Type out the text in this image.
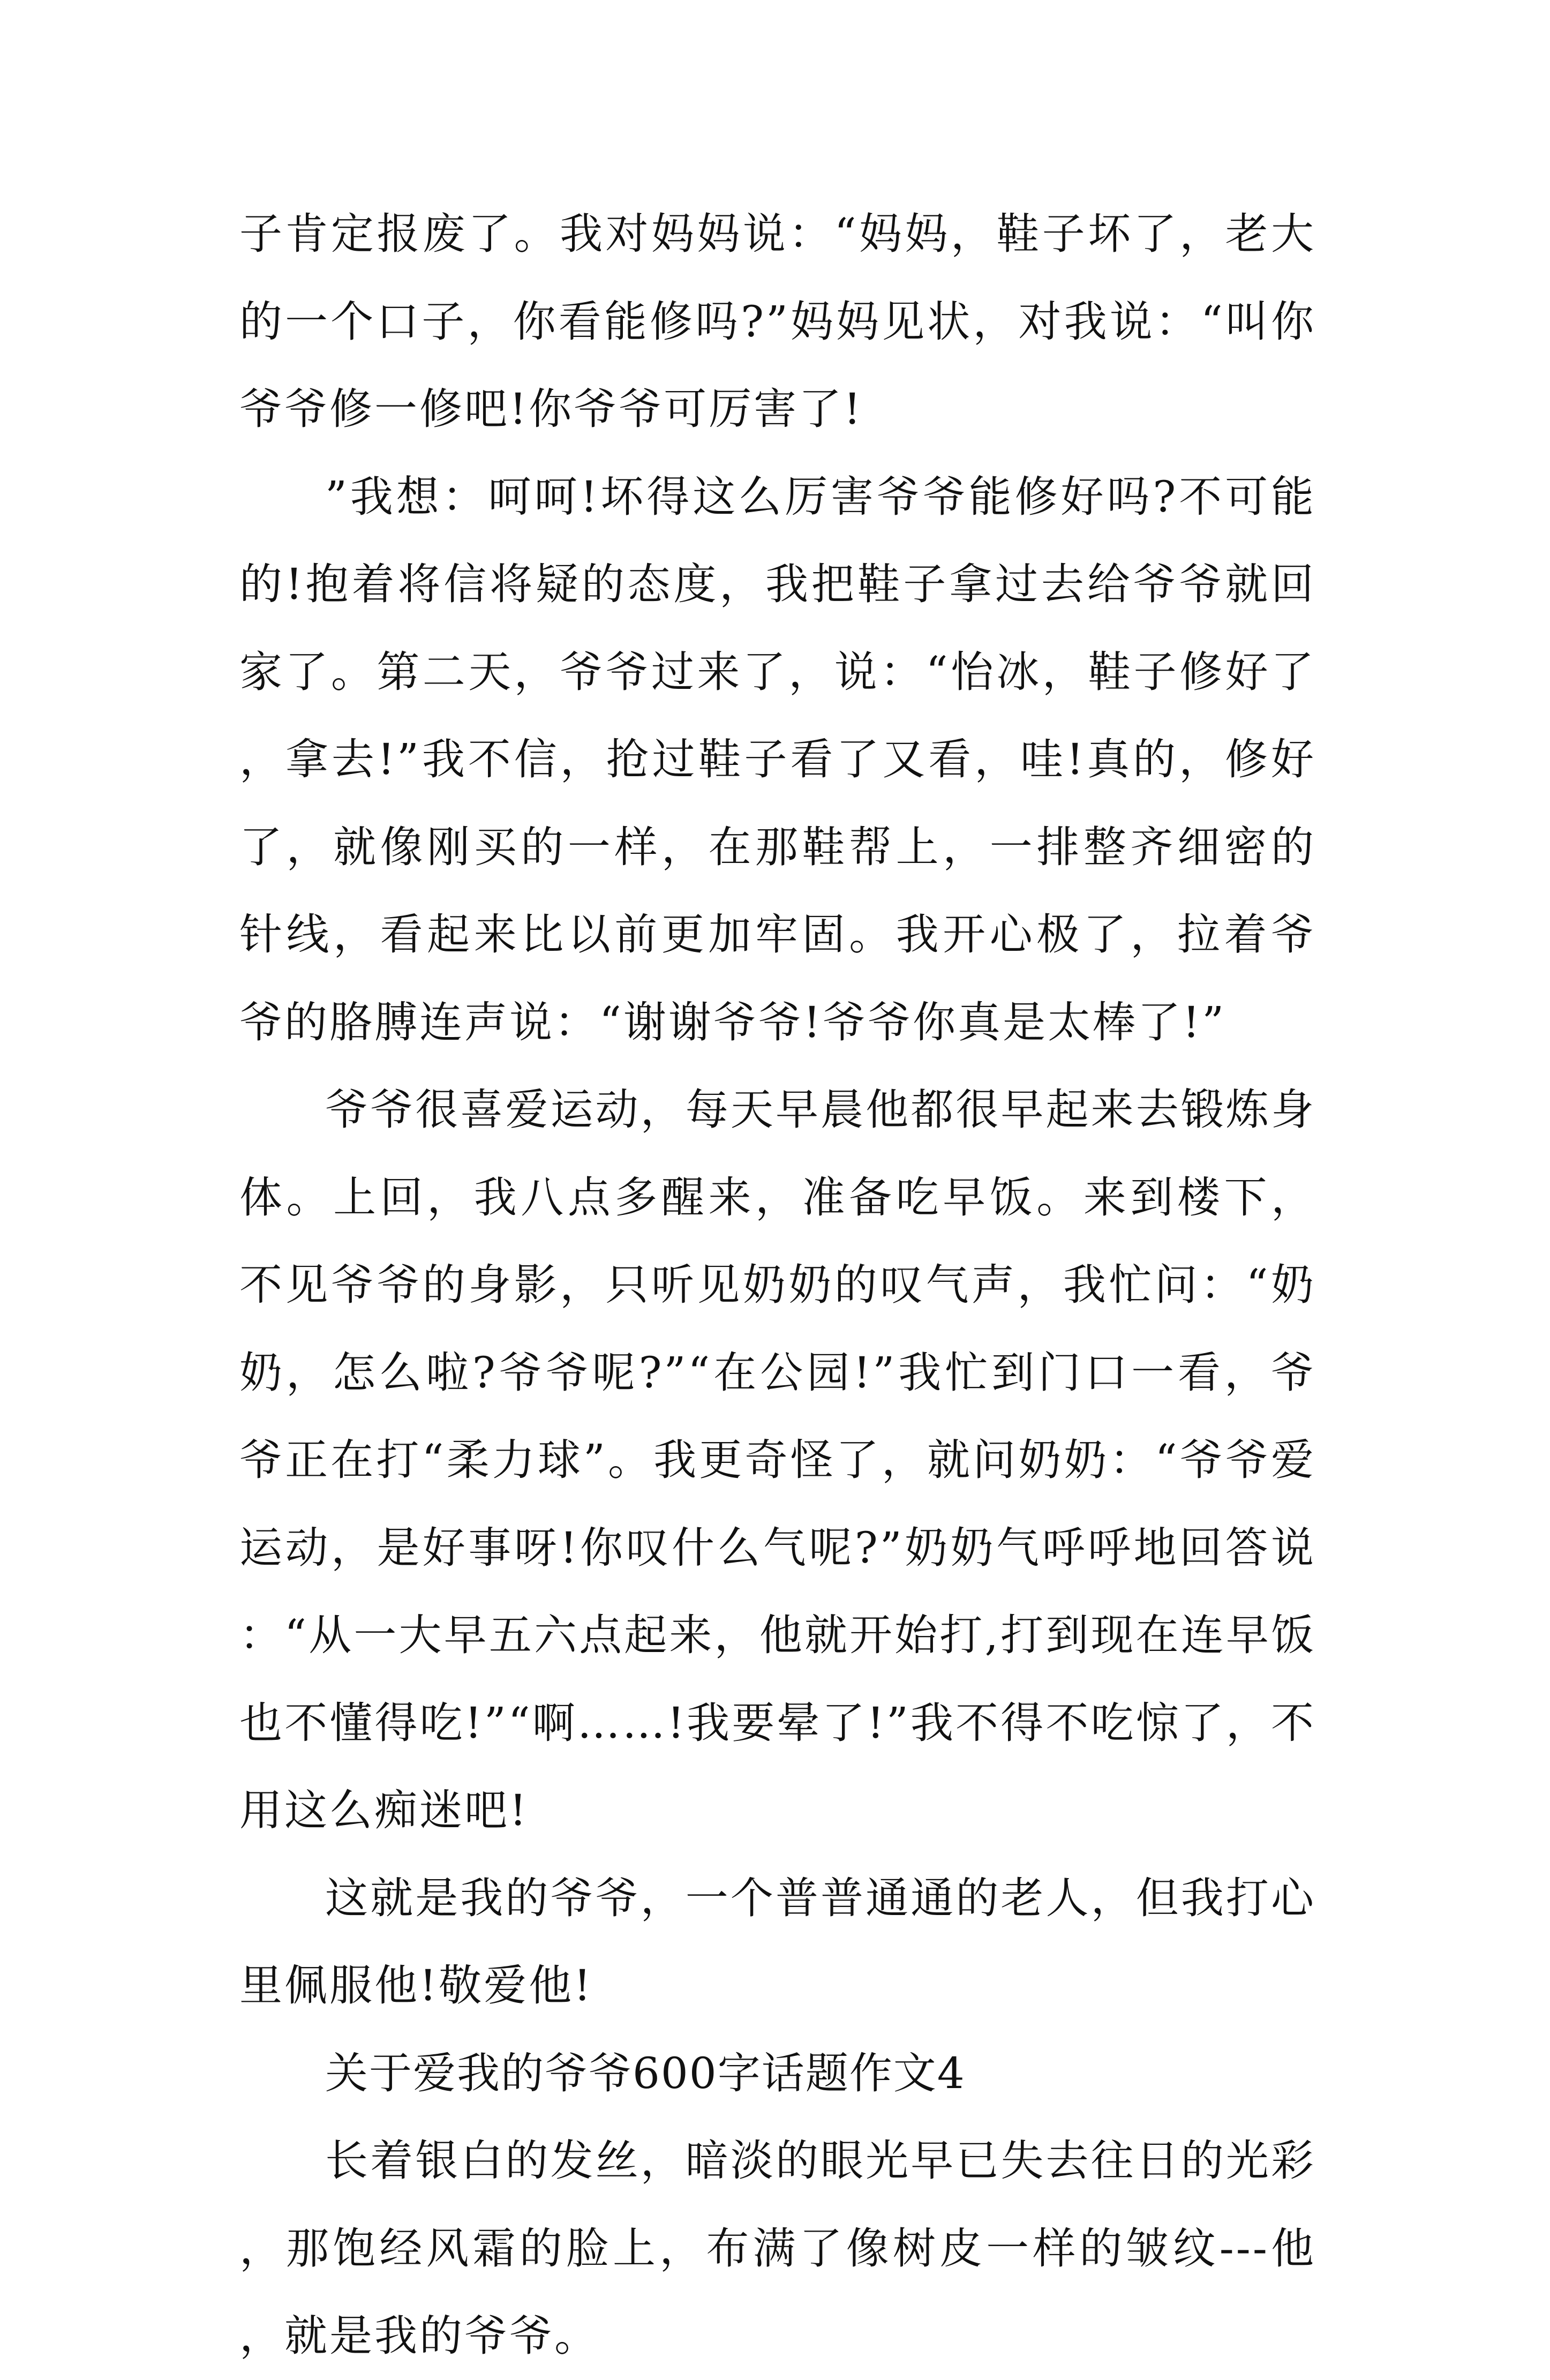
子肯定报废了。我对妈妈说：“妈妈，鞋子坏了，老大的一个口子，你看能修吗?”妈妈见状，对我说：“叫你爷爷修一修吧!你爷爷可厉害了!

”我想：呵呵!坏得这么厉害爷爷能修好吗?不可能的!抱着将信将疑的态度，我把鞋子拿过去给爷爷就回家了。第二天，爷爷过来了，说：“怡冰，鞋子修好了，拿去!”我不信，抢过鞋子看了又看，哇!真的，修好了，就像刚买的一样，在那鞋帮上，一排整齐细密的针线，看起来比以前更加牢固。我开心极了，拉着爷爷的胳膊连声说：“谢谢爷爷!爷爷你真是太棒了!”

爷爷很喜爱运动，每天早晨他都很早起来去锻炼身体。上回，我八点多醒来，准备吃早饭。来到楼下，不见爷爷的身影，只听见奶奶的叹气声，我忙问：“奶奶，怎么啦?爷爷呢?”“在公园!”我忙到门口一看，爷爷正在打“柔力球”。我更奇怪了，就问奶奶：“爷爷爱运动，是好事呀!你叹什么气呢?”奶奶气呼呼地回答说：“从一大早五六点起来，他就开始打,打到现在连早饭也不懂得吃!”“啊……!我要晕了!”我不得不吃惊了，不用这么痴迷吧!

这就是我的爷爷，一个普普通通的老人，但我打心里佩服他!敬爱他!

关于爱我的爷爷600字话题作文4

长着银白的发丝，暗淡的眼光早已失去往日的光彩，那饱经风霜的脸上，布满了像树皮一样的皱纹---他，就是我的爷爷。
